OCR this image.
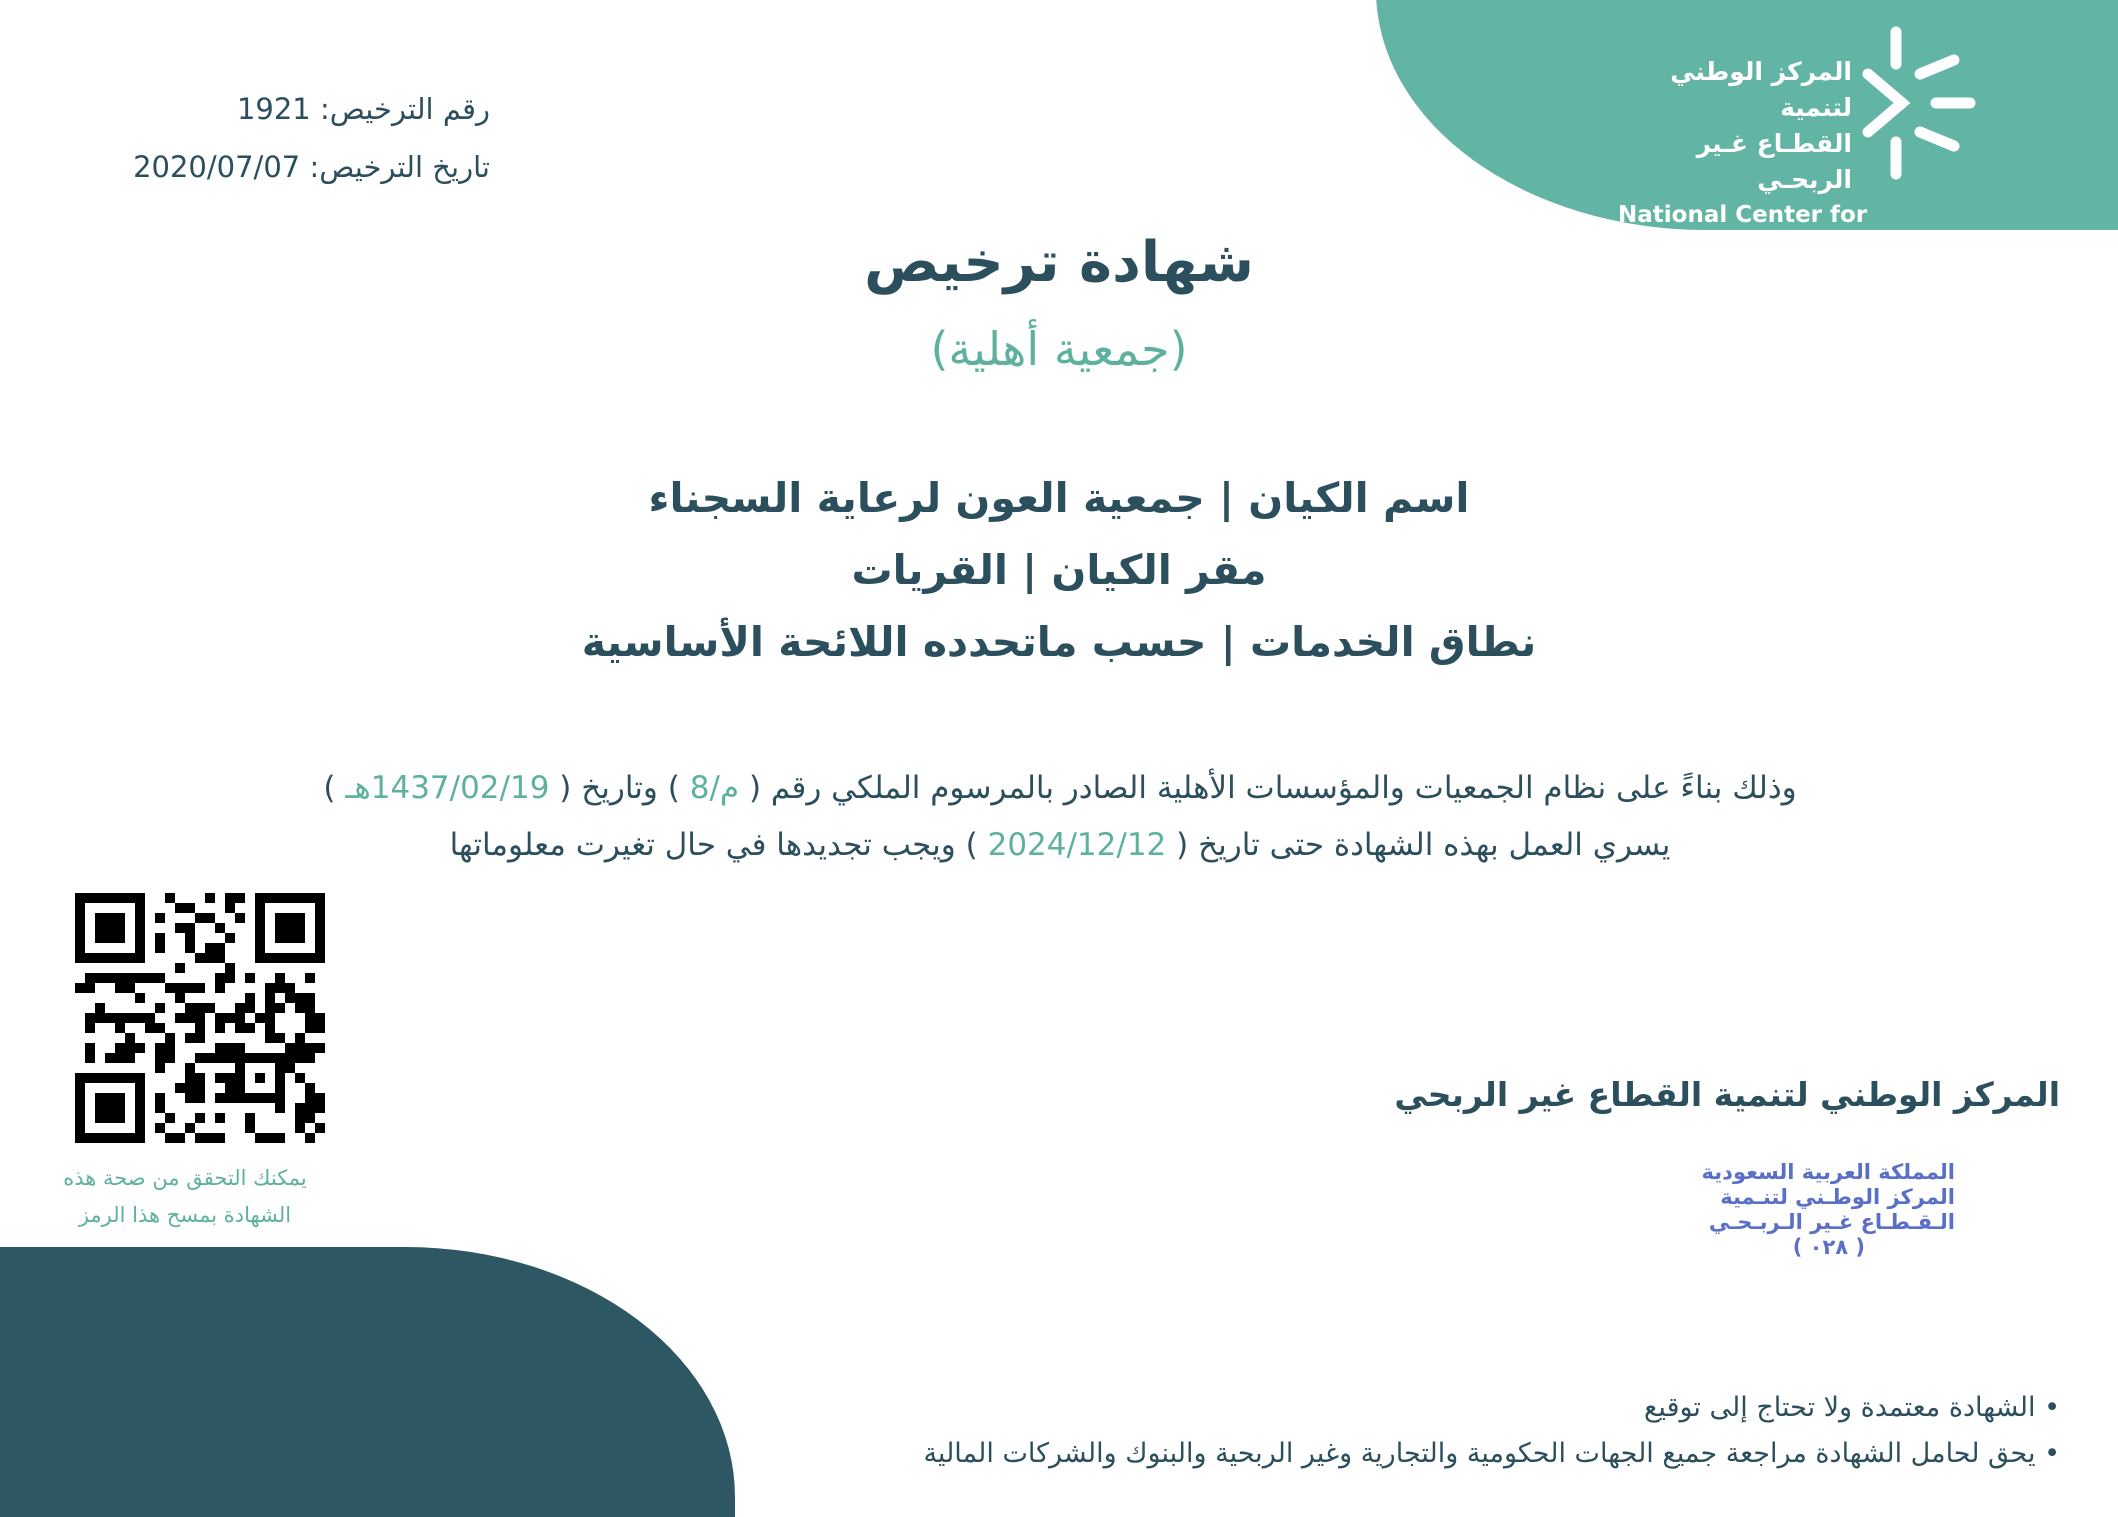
المركز الوطني لتنمية
القطـاع غـير الربحـي
National Center for
Non—Profit Sector
رقم الترخيص: 1921
تاريخ الترخيص: 2020/07/07
شهادة ترخيص
(جمعية أهلية)
اسم الكيان | جمعية العون لرعاية السجناء
مقر الكيان | القريات
نطاق الخدمات | حسب ماتحدده اللائحة الأساسية
وذلك بناءً على نظام الجمعيات والمؤسسات الأهلية الصادر بالمرسوم الملكي رقم ( م/8 ) وتاريخ ( 1437/02/19هـ )
يسري العمل بهذه الشهادة حتى تاريخ ( 2024/12/12 ) ويجب تجديدها في حال تغيرت معلوماتها
يمكنك التحقق من صحة هذه
الشهادة بمسح هذا الرمز
المركز الوطني لتنمية القطاع غير الربحي
المملكة العربية السعودية
المركز الوطـني لتنـمية
الـقـطـاع غـير الـربـحـي
( ٠٢٨ )
• الشهادة معتمدة ولا تحتاج إلى توقيع
• يحق لحامل الشهادة مراجعة جميع الجهات الحكومية والتجارية وغير الربحية والبنوك والشركات المالية
